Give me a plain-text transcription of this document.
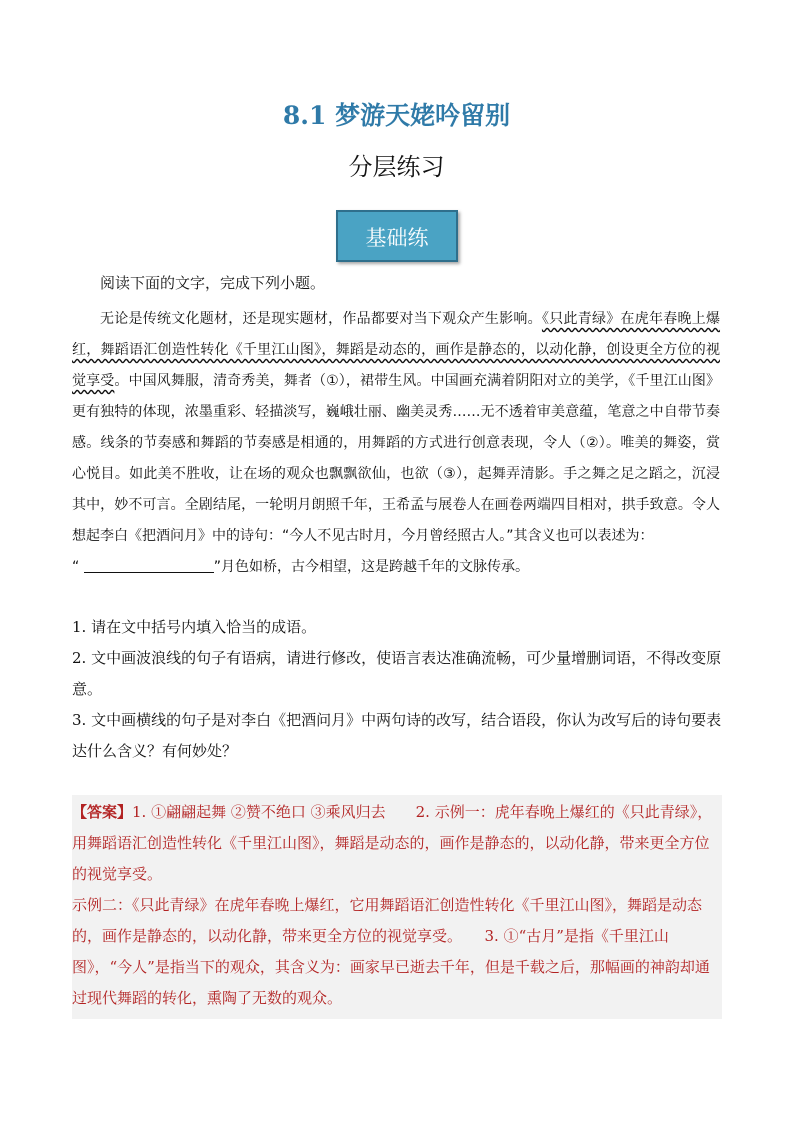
8.1 梦游天姥吟留别
分层练习
基础练
阅读下面的文字，完成下列小题。
无论是传统文化题材，还是现实题材，作品都要对当下观众产生影响。《只此青绿》在虎年春晚上爆红，舞蹈语汇创造性转化《千里江山图》，舞蹈是动态的，画作是静态的，以动化静，创设更全方位的视觉享受。中国风舞服，清奇秀美，舞者（①），裙带生风。中国画充满着阴阳对立的美学，《千里江山图》更有独特的体现，浓墨重彩、轻描淡写，巍峨壮丽、幽美灵秀……无不透着审美意蕴，笔意之中自带节奏感。线条的节奏感和舞蹈的节奏感是相通的，用舞蹈的方式进行创意表现，令人（②）。唯美的舞姿，赏心悦目。如此美不胜收，让在场的观众也飘飘欲仙，也欲（③），起舞弄清影。手之舞之足之蹈之，沉浸其中，妙不可言。全剧结尾，一轮明月朗照千年，王希孟与展卷人在画卷两端四目相对，拱手致意。令人想起李白《把酒问月》中的诗句：“今人不见古时月，今月曾经照古人。”其含义也可以表述为：
“	”月色如桥，古今相望，这是跨越千年的文脉传承。

1. 请在文中括号内填入恰当的成语。

2. 文中画波浪线的句子有语病，请进行修改，使语言表达准确流畅，可少量增删词语，不得改变原意。

3. 文中画横线的句子是对李白《把酒问月》中两句诗的改写，结合语段，你认为改写后的诗句要表达什么含义？有何妙处？

【答案】1. ①翩翩起舞 ②赞不绝口 ③乘风归去　　2. 示例一：虎年春晚上爆红的《只此青绿》，用舞蹈语汇创造性转化《千里江山图》，舞蹈是动态的，画作是静态的，以动化静，带来更全方位的视觉享受。

示例二：《只此青绿》在虎年春晚上爆红，它用舞蹈语汇创造性转化《千里江山图》，舞蹈是动态的，画作是静态的，以动化静，带来更全方位的视觉享受。　　3. ①“古月”是指《千里江山图》，“今人”是指当下的观众，其含义为：画家早已逝去千年，但是千载之后，那幅画的神韵却通过现代舞蹈的转化，熏陶了无数的观众。
